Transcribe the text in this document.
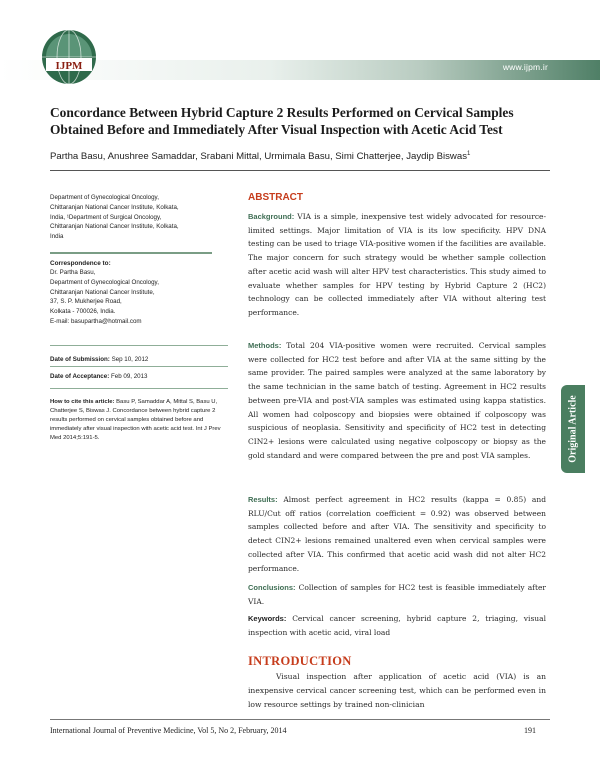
IJPM	www.ijpm.ir
Concordance Between Hybrid Capture 2 Results Performed on Cervical Samples Obtained Before and Immediately After Visual Inspection with Acetic Acid Test
Partha Basu, Anushree Samaddar, Srabani Mittal, Urmimala Basu, Simi Chatterjee, Jaydip Biswas$^1$
Department of Gynecological Oncology,
Chittaranjan National Cancer Institute, Kolkata,
India, ¹Department of Surgical Oncology,
Chittaranjan National Cancer Institute, Kolkata,
India
Correspondence to:
Dr. Partha Basu,
Department of Gynecological Oncology,
Chittaranjan National Cancer Institute,
37, S. P. Mukherjee Road,
Kolkata - 700026, India.
E-mail: basupartha@hotmail.com
Date of Submission: Sep 10, 2012
Date of Acceptance: Feb 09, 2013
How to cite this article: Basu P, Samaddar A, Mittal S, Basu U, Chatterjee S, Biswas J. Concordance between hybrid capture 2 results performed on cervical samples obtained before and immediately after visual inspection with acetic acid test. Int J Prev Med 2014;5:191-5.
ABSTRACT
Background: VIA is a simple, inexpensive test widely advocated for resource-limited settings. Major limitation of VIA is its low specificity. HPV DNA testing can be used to triage VIA-positive women if the facilities are available. The major concern for such strategy would be whether sample collection after acetic acid wash will alter HPV test characteristics. This study aimed to evaluate whether samples for HPV testing by Hybrid Capture 2 (HC2) technology can be collected immediately after VIA without altering test performance.
Methods: Total 204 VIA-positive women were recruited. Cervical samples were collected for HC2 test before and after VIA at the same sitting by the same provider. The paired samples were analyzed at the same laboratory by the same technician in the same batch of testing. Agreement in HC2 results between pre-VIA and post-VIA samples was estimated using kappa statistics. All women had colposcopy and biopsies were obtained if colposcopy was suspicious of neoplasia. Sensitivity and specificity of HC2 test in detecting CIN2+ lesions were calculated using negative colposcopy or biopsy as the gold standard and were compared between the pre and post VIA samples.
Results: Almost perfect agreement in HC2 results (kappa = 0.85) and RLU/Cut off ratios (correlation coefficient = 0.92) was observed between samples collected before and after VIA. The sensitivity and specificity to detect CIN2+ lesions remained unaltered even when cervical samples were collected after VIA. This confirmed that acetic acid wash did not alter HC2 performance.
Conclusions: Collection of samples for HC2 test is feasible immediately after VIA.
Keywords: Cervical cancer screening, hybrid capture 2, triaging, visual inspection with acetic acid, viral load
INTRODUCTION
Visual inspection after application of acetic acid (VIA) is an inexpensive cervical cancer screening test, which can be performed even in low resource settings by trained non-clinician
Original Article
International Journal of Preventive Medicine, Vol 5, No 2, February, 2014	191
